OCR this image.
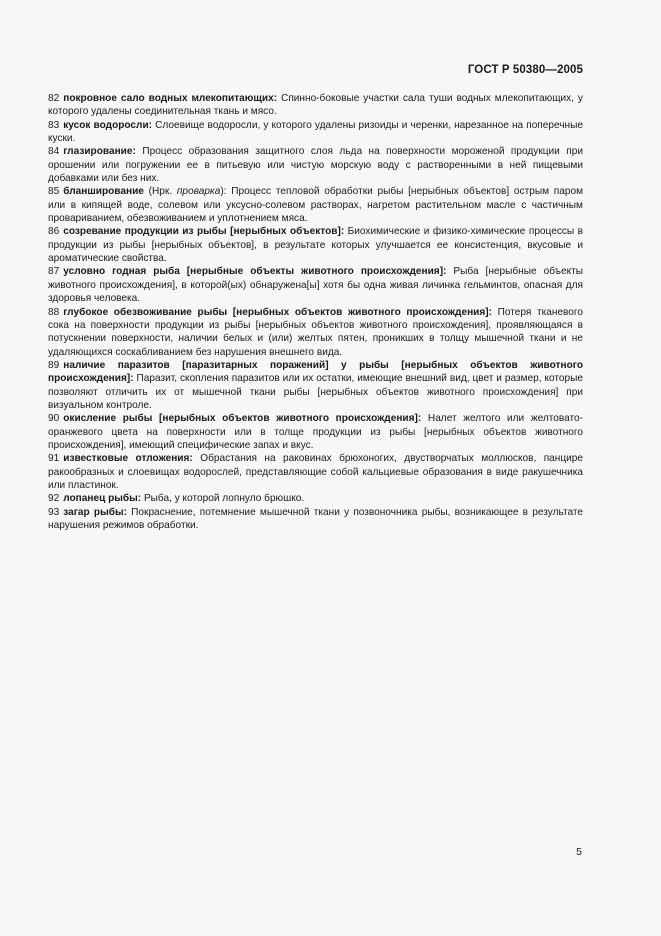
ГОСТ Р 50380—2005

82 покровное сало водных млекопитающих: Спинно-боковые участки сала туши водных млекопитающих, у которого удалены соединительная ткань и мясо.

83 кусок водоросли: Слоевище водоросли, у которого удалены ризоиды и черенки, нарезанное на поперечные куски.

84 глазирование: Процесс образования защитного слоя льда на поверхности мороженой продукции при орошении или погружении ее в питьевую или чистую морскую воду с растворенными в ней пищевыми добавками или без них.

85 бланширование (Нрк. проварка): Процесс тепловой обработки рыбы [нерыбных объектов] острым паром или в кипящей воде, солевом или уксусно-солевом растворах, нагретом растительном масле с частичным провариванием, обезвоживанием и уплотнением мяса.

86 созревание продукции из рыбы [нерыбных объектов]: Биохимические и физико-химические процессы в продукции из рыбы [нерыбных объектов], в результате которых улучшается ее консистенция, вкусовые и ароматические свойства.

87 условно годная рыба [нерыбные объекты животного происхождения]: Рыба [нерыбные объекты животного происхождения], в которой(ых) обнаружена[ы] хотя бы одна живая личинка гельминтов, опасная для здоровья человека.

88 глубокое обезвоживание рыбы [нерыбных объектов животного происхождения]: Потеря тканевого сока на поверхности продукции из рыбы [нерыбных объектов животного происхождения], проявляющаяся в потускнении поверхности, наличии белых и (или) желтых пятен, проникших в толщу мышечной ткани и не удаляющихся соскабливанием без нарушения внешнего вида.

89 наличие паразитов [паразитарных поражений] у рыбы [нерыбных объектов животного происхождения]: Паразит, скопления паразитов или их остатки, имеющие внешний вид, цвет и размер, которые позволяют отличить их от мышечной ткани рыбы [нерыбных объектов животного происхождения] при визуальном контроле.

90 окисление рыбы [нерыбных объектов животного происхождения]: Налет желтого или желтовато-оранжевого цвета на поверхности или в толще продукции из рыбы [нерыбных объектов животного происхождения], имеющий специфические запах и вкус.

91 известковые отложения: Обрастания на раковинах брюхоногих, двустворчатых моллюсков, панцире ракообразных и слоевищах водорослей, представляющие собой кальциевые образования в виде ракушечника или пластинок.

92 лопанец рыбы: Рыба, у которой лопнуло брюшко.

93 загар рыбы: Покраснение, потемнение мышечной ткани у позвоночника рыбы, возникающее в результате нарушения режимов обработки.

5
